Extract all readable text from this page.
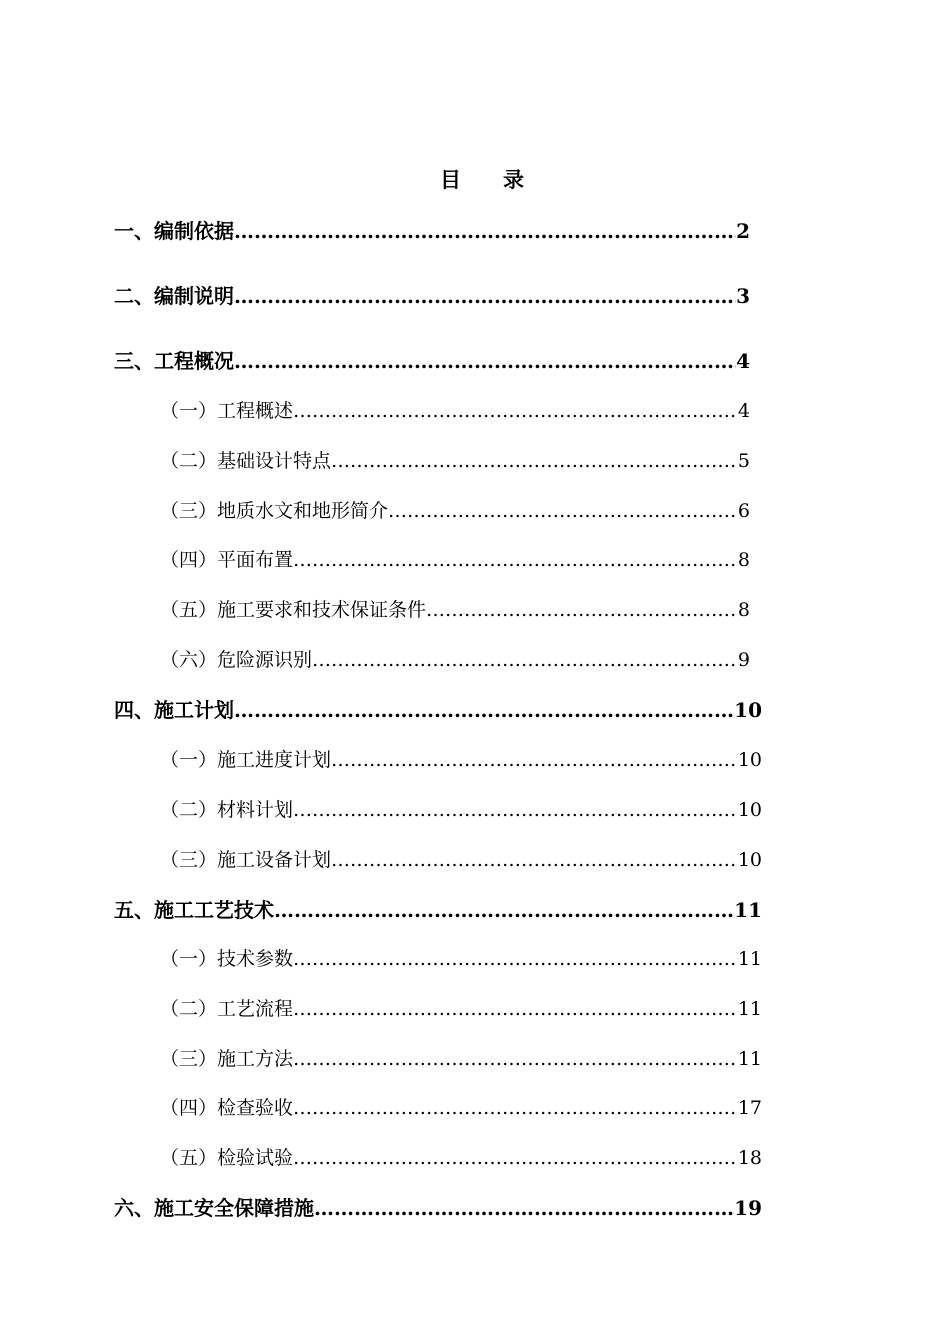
目　　录
一、编制依据 ………………………………………………………………………………………………………………………………………………………………………………	2
二、编制说明 ………………………………………………………………………………………………………………………………………………………………………………	3
三、工程概况 ………………………………………………………………………………………………………………………………………………………………………………	4
（一）工程概述 ………………………………………………………………………………………………………………………………………………………………………………	4
（二）基础设计特点 ………………………………………………………………………………………………………………………………………………………………………………	5
（三）地质水文和地形简介 ………………………………………………………………………………………………………………………………………………………………………………	6
（四）平面布置 ………………………………………………………………………………………………………………………………………………………………………………	8
（五）施工要求和技术保证条件 ………………………………………………………………………………………………………………………………………………………………………………	8
（六）危险源识别 ………………………………………………………………………………………………………………………………………………………………………………	9
四、施工计划 ………………………………………………………………………………………………………………………………………………………………………………	10
（一）施工进度计划 ………………………………………………………………………………………………………………………………………………………………………………	10
（二）材料计划 ………………………………………………………………………………………………………………………………………………………………………………	10
（三）施工设备计划 ………………………………………………………………………………………………………………………………………………………………………………	10
五、施工工艺技术 ………………………………………………………………………………………………………………………………………………………………………………	11
（一）技术参数 ………………………………………………………………………………………………………………………………………………………………………………	11
（二）工艺流程 ………………………………………………………………………………………………………………………………………………………………………………	11
（三）施工方法 ………………………………………………………………………………………………………………………………………………………………………………	11
（四）检查验收 ………………………………………………………………………………………………………………………………………………………………………………	17
（五）检验试验 ………………………………………………………………………………………………………………………………………………………………………………	18
六、施工安全保障措施 ………………………………………………………………………………………………………………………………………………………………………………	19
